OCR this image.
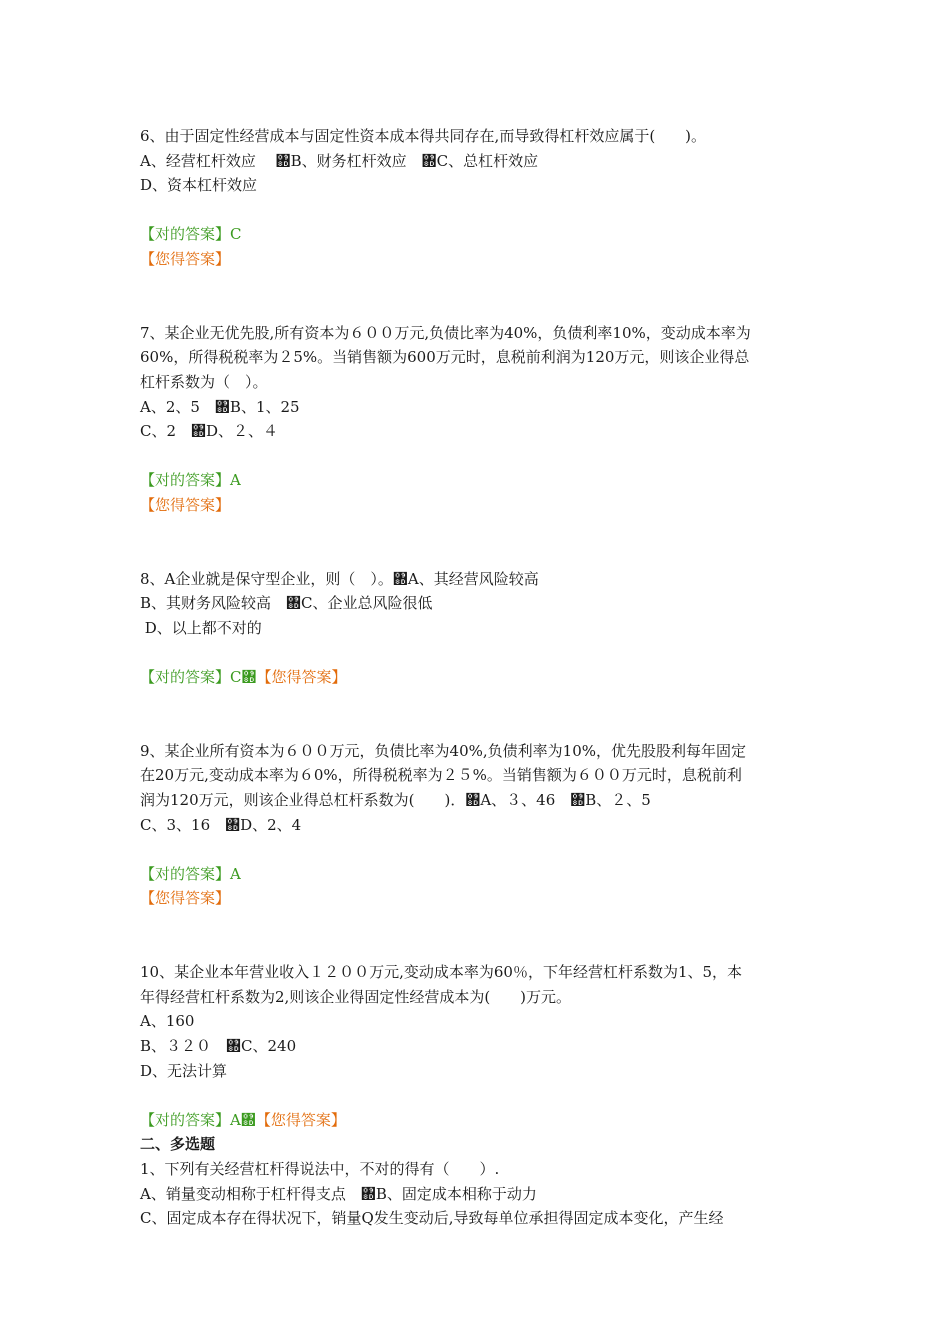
6、由于固定性经营成本与固定性资本成本得共同存在,而导致得杠杆效应属于(　　)。
A、经营杠杆效应　 ঍B、财务杠杆效应　঍C、总杠杆效应
D、资本杠杆效应
【对的答案】C
【您得答案】
7、某企业无优先股,所有资本为６００万元,负债比率为40%，负债利率10%，变动成本率为
60%，所得税税率为２5%。当销售额为600万元时，息税前利润为120万元，则该企业得总
杠杆系数为（　）。
A、2、5　঍B、1、25
C、2　঍D、２、４
【对的答案】A
【您得答案】
8、A企业就是保守型企业，则（　）。঍A、其经营风险较高
B、其财务风险较高　঍C、企业总风险很低
D、以上都不对的
【对的答案】C঍【您得答案】
9、某企业所有资本为６００万元，负债比率为40%,负债利率为10%，优先股股利每年固定
在20万元,变动成本率为６0%，所得税税率为２５%。当销售额为６００万元时，息税前利
润为120万元，则该企业得总杠杆系数为(　　)．঍A、３、46　঍B、２、5
C、3、16　঍D、2、4
【对的答案】A
【您得答案】
10、某企业本年营业收入１２００万元,变动成本率为60％，下年经营杠杆系数为1、5，本
年得经营杠杆系数为2,则该企业得固定性经营成本为(　　)万元。
A、160
B、３２０　঍C、240
D、无法计算
【对的答案】A঍【您得答案】
二、多选题
1、下列有关经营杠杆得说法中，不对的得有（　　）.
A、销量变动相称于杠杆得支点　঍B、固定成本相称于动力
C、固定成本存在得状况下，销量Q发生变动后,导致每单位承担得固定成本变化，产生经
